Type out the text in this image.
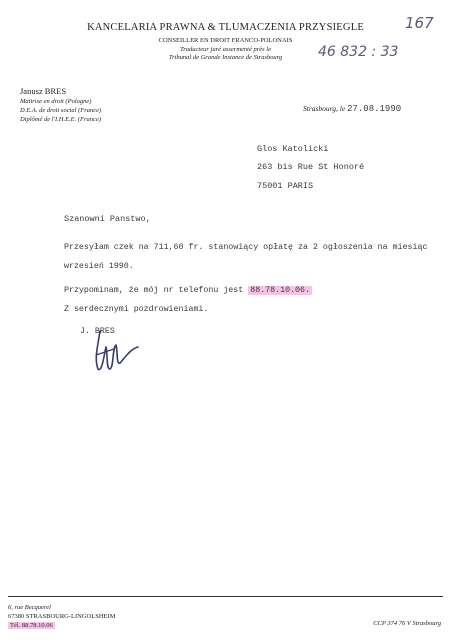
KANCELARIA PRAWNA & TLUMACZENIA PRZYSIEGLE
CONSEILLER EN DROIT FRANCO-POLONAIS
Traducteur juré assermenté près le
Tribunal de Grande Instance de Strasbourg
167
46 832 : 33
Janusz BRES
Maitrise en droit (Pologne)
D.E.A. de droit social (France)
Diplômé de l'I.H.E.E. (France)
Strasbourg, le 27.08.1990
Glos Katolicki
263 bis Rue St Honoré
75001 PARIS
Szanowni Panstwo,
Przesyłam czek na 711,60 fr. stanowiący opłatę za 2 ogłoszenia na miesiąc
wrzesień 1990.
Przypominam, że mój nr telefonu jest 88.78.10.06.
Z serdecznymi pozdrowieniami.
J. BRES
6, rue Becquerel
67380 STRASBOURG-LINGOLSHEIM
Tél. 88.78.10.06	CCP 374 76 V Strasbourg
